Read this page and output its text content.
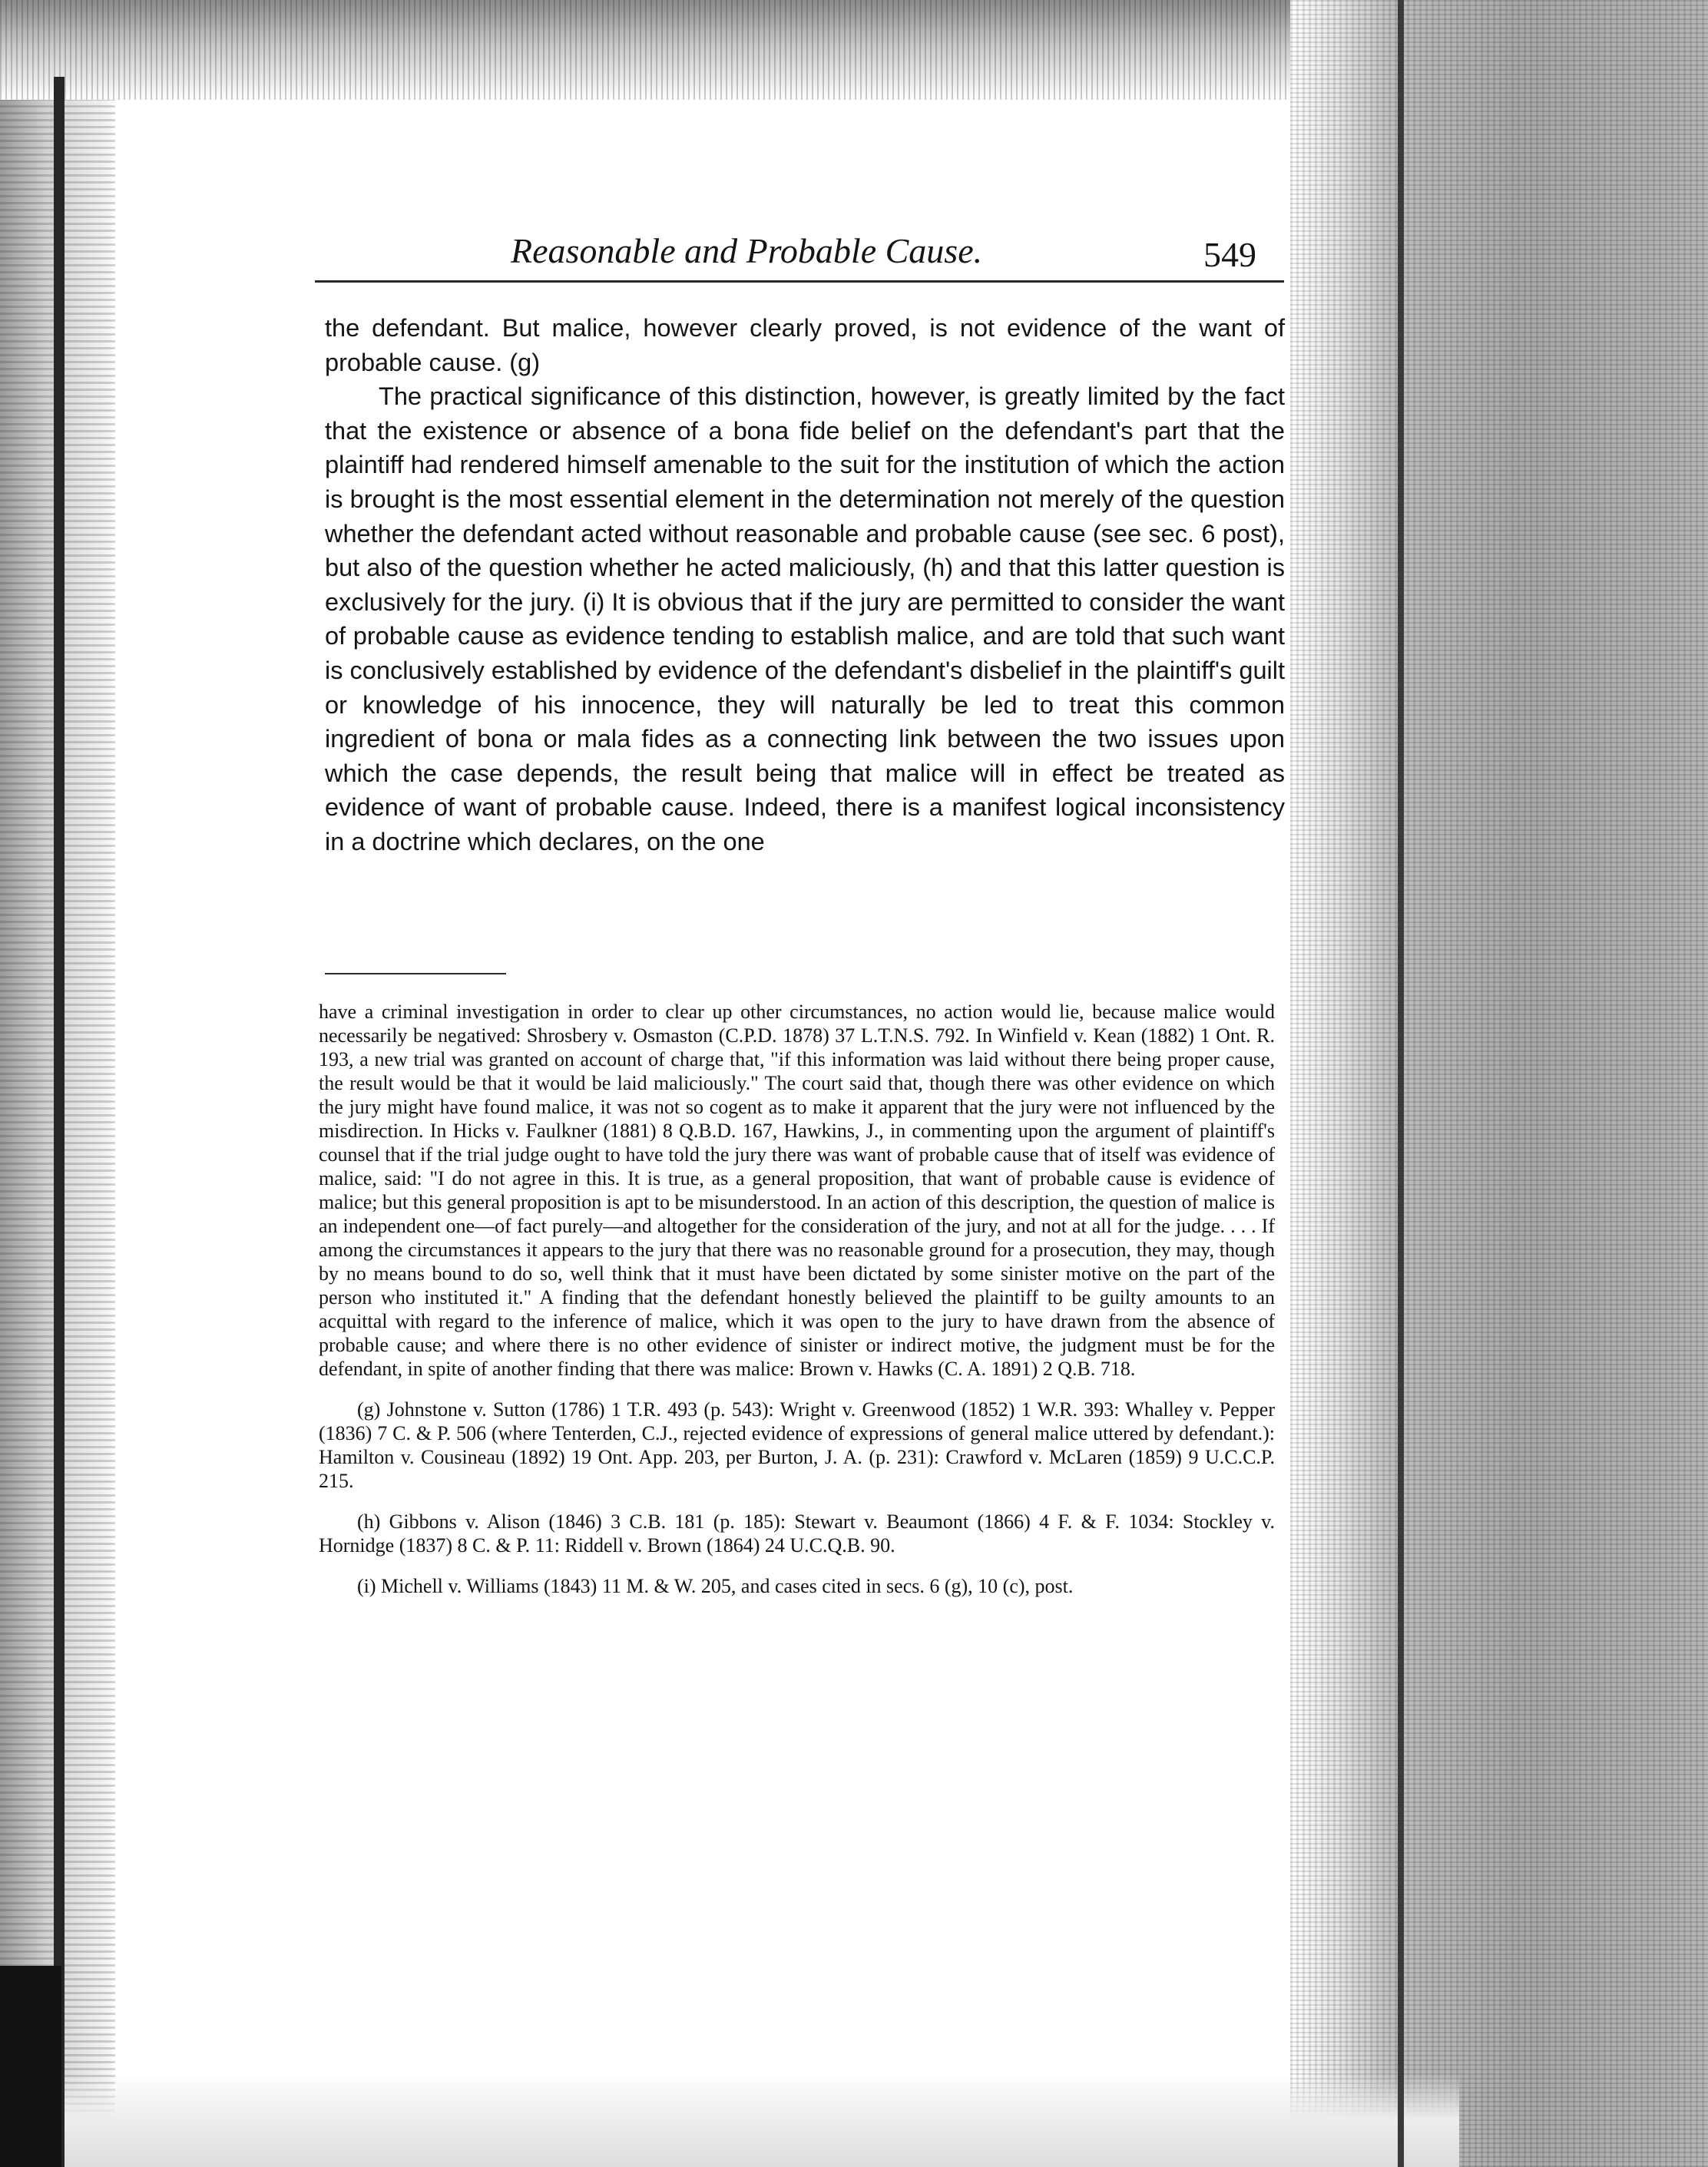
Reasonable and Probable Cause.	549

the defendant. But malice, however clearly proved, is not evidence of the want of probable cause. (g)

The practical significance of this distinction, however, is greatly limited by the fact that the existence or absence of a bona fide belief on the defendant's part that the plaintiff had rendered himself amenable to the suit for the institution of which the action is brought is the most essential element in the determination not merely of the question whether the defendant acted without reasonable and probable cause (see sec. 6 post), but also of the question whether he acted maliciously, (h) and that this latter question is exclusively for the jury. (i) It is obvious that if the jury are permitted to consider the want of probable cause as evidence tending to establish malice, and are told that such want is conclusively established by evidence of the defendant's disbelief in the plaintiff's guilt or knowledge of his innocence, they will naturally be led to treat this common ingredient of bona or mala fides as a connecting link between the two issues upon which the case depends, the result being that malice will in effect be treated as evidence of want of probable cause. Indeed, there is a manifest logical inconsistency in a doctrine which declares, on the one

have a criminal investigation in order to clear up other circumstances, no action would lie, because malice would necessarily be negatived: Shrosbery v. Osmaston (C.P.D. 1878) 37 L.T.N.S. 792. In Winfield v. Kean (1882) 1 Ont. R. 193, a new trial was granted on account of charge that, "if this information was laid without there being proper cause, the result would be that it would be laid maliciously." The court said that, though there was other evidence on which the jury might have found malice, it was not so cogent as to make it apparent that the jury were not influenced by the misdirection. In Hicks v. Faulkner (1881) 8 Q.B.D. 167, Hawkins, J., in commenting upon the argument of plaintiff's counsel that if the trial judge ought to have told the jury there was want of probable cause that of itself was evidence of malice, said: "I do not agree in this. It is true, as a general proposition, that want of probable cause is evidence of malice; but this general proposition is apt to be misunderstood. In an action of this description, the question of malice is an independent one—of fact purely—and altogether for the consideration of the jury, and not at all for the judge. . . . If among the circumstances it appears to the jury that there was no reasonable ground for a prosecution, they may, though by no means bound to do so, well think that it must have been dictated by some sinister motive on the part of the person who instituted it." A finding that the defendant honestly believed the plaintiff to be guilty amounts to an acquittal with regard to the inference of malice, which it was open to the jury to have drawn from the absence of probable cause; and where there is no other evidence of sinister or indirect motive, the judgment must be for the defendant, in spite of another finding that there was malice: Brown v. Hawks (C. A. 1891) 2 Q.B. 718.

(g) Johnstone v. Sutton (1786) 1 T.R. 493 (p. 543): Wright v. Greenwood (1852) 1 W.R. 393: Whalley v. Pepper (1836) 7 C. & P. 506 (where Tenterden, C.J., rejected evidence of expressions of general malice uttered by defendant.): Hamilton v. Cousineau (1892) 19 Ont. App. 203, per Burton, J. A. (p. 231): Crawford v. McLaren (1859) 9 U.C.C.P. 215.

(h) Gibbons v. Alison (1846) 3 C.B. 181 (p. 185): Stewart v. Beaumont (1866) 4 F. & F. 1034: Stockley v. Hornidge (1837) 8 C. & P. 11: Riddell v. Brown (1864) 24 U.C.Q.B. 90.

(i) Michell v. Williams (1843) 11 M. & W. 205, and cases cited in secs. 6 (g), 10 (c), post.
